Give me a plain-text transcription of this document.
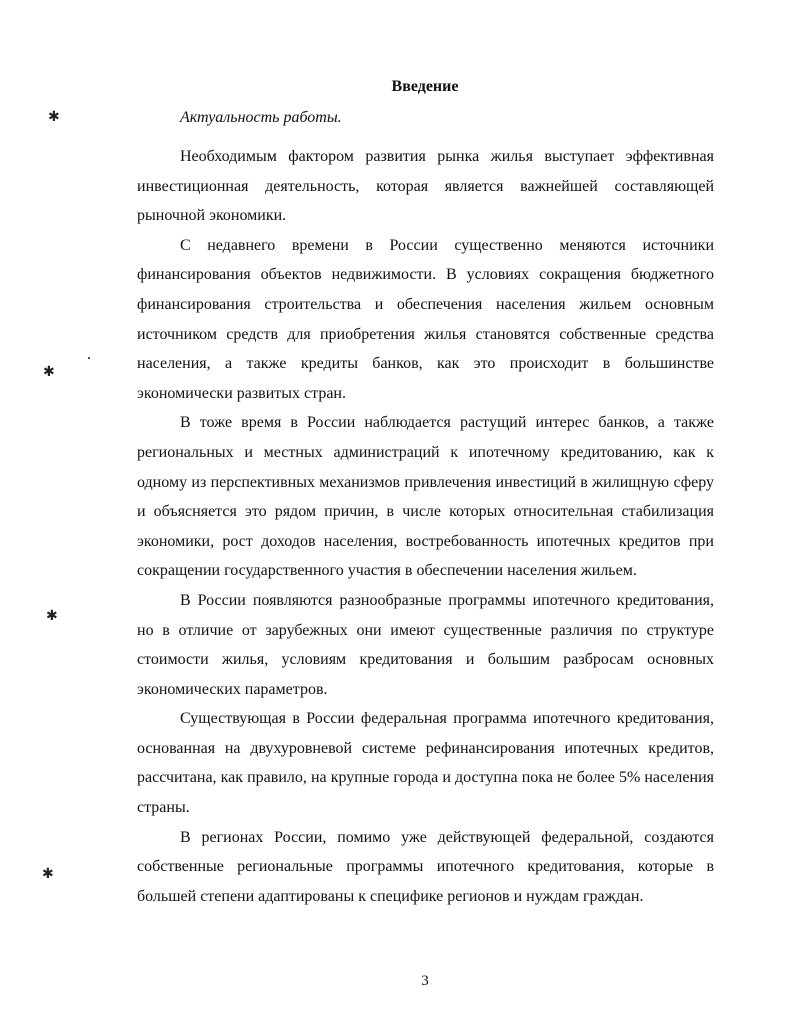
✱
✱
✱
✱
Введение
Актуальность работы.

Необходимым фактором развития рынка жилья выступает эффективная инвестиционная деятельность, которая является важнейшей составляющей рыночной экономики.

С недавнего времени в России существенно меняются источники финансирования объектов недвижимости. В условиях сокращения бюджетного финансирования строительства и обеспечения населения жильем основным источником средств для приобретения жилья становятся собственные средства населения, а также кредиты банков, как это происходит в большинстве экономически развитых стран.

В тоже время в России наблюдается растущий интерес банков, а также региональных и местных администраций к ипотечному кредитованию, как к одному из перспективных механизмов привлечения инвестиций в жилищную сферу и объясняется это рядом причин, в числе которых относительная стабилизация экономики, рост доходов населения, востребованность ипотечных кредитов при сокращении государственного участия в обеспечении населения жильем.

В России появляются разнообразные программы ипотечного кредитования, но в отличие от зарубежных они имеют существенные различия по структуре стоимости жилья, условиям кредитования и большим разбросам основных экономических параметров.

Существующая в России федеральная программа ипотечного кредитования, основанная на двухуровневой системе рефинансирования ипотечных кредитов, рассчитана, как правило, на крупные города и доступна пока не более 5% населения страны.

В регионах России, помимо уже действующей федеральной, создаются собственные региональные программы ипотечного кредитования, которые в большей степени адаптированы к специфике регионов и нуждам граждан.

3
